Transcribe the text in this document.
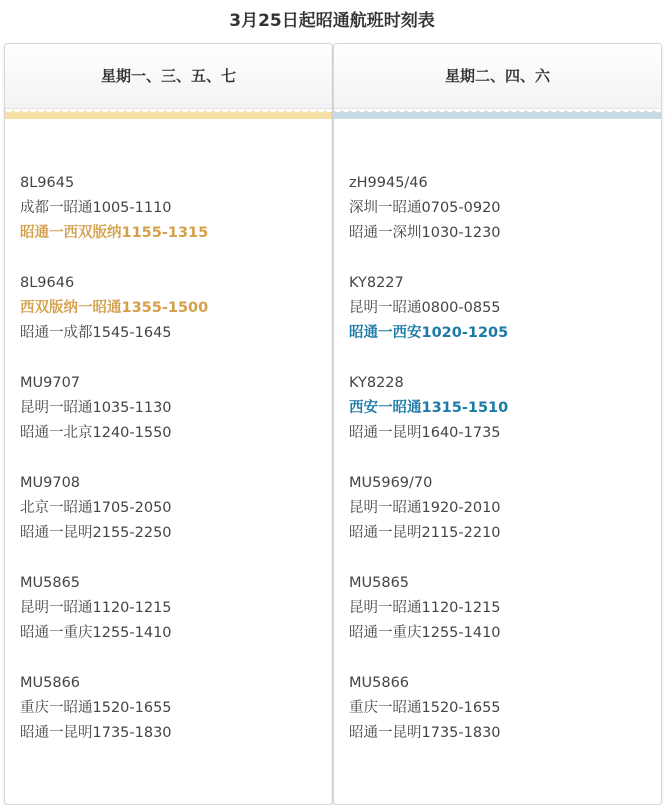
3月25日起昭通航班时刻表
星期一、三、五、七
8L9645
成都一昭通1005-1110
昭通一西双版纳1155-1315
8L9646
西双版纳一昭通1355-1500
昭通一成都1545-1645
MU9707
昆明一昭通1035-1130
昭通一北京1240-1550
MU9708
北京一昭通1705-2050
昭通一昆明2155-2250
MU5865
昆明一昭通1120-1215
昭通一重庆1255-1410
MU5866
重庆一昭通1520-1655
昭通一昆明1735-1830
星期二、四、六
zH9945/46
深圳一昭通0705-0920
昭通一深圳1030-1230
KY8227
昆明一昭通0800-0855
昭通一西安1020-1205
KY8228
西安一昭通1315-1510
昭通一昆明1640-1735
MU5969/70
昆明一昭通1920-2010
昭通一昆明2115-2210
MU5865
昆明一昭通1120-1215
昭通一重庆1255-1410
MU5866
重庆一昭通1520-1655
昭通一昆明1735-1830
